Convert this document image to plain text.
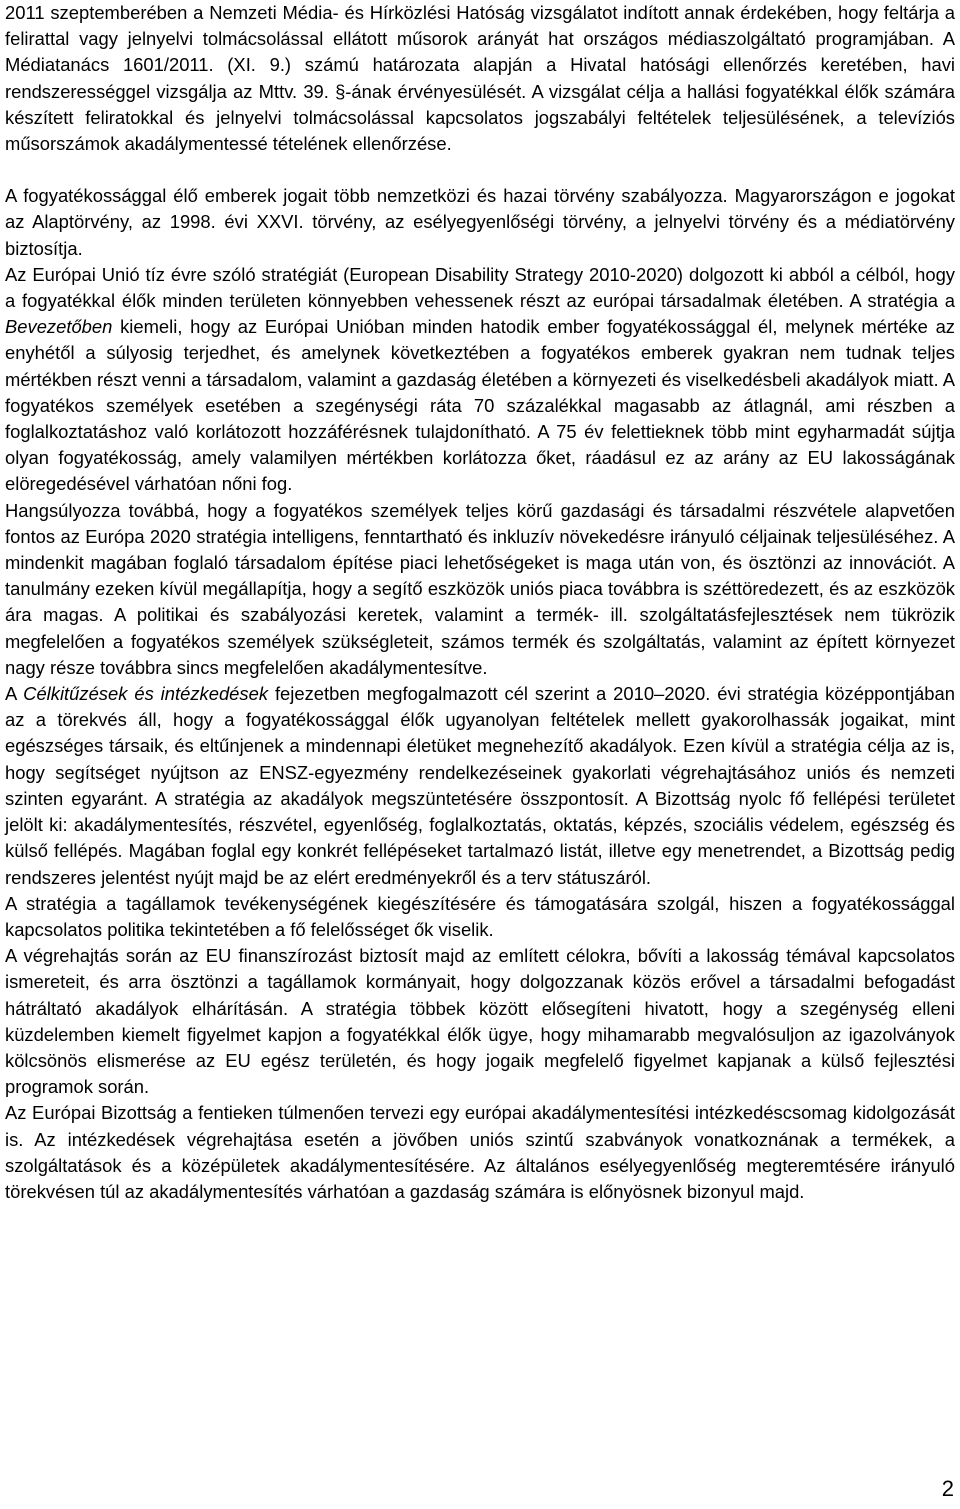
2011 szeptemberében a Nemzeti Média- és Hírközlési Hatóság vizsgálatot indított annak érdekében, hogy feltárja a felirattal vagy jelnyelvi tolmácsolással ellátott műsorok arányát hat országos médiaszolgáltató programjában. A Médiatanács 1601/2011. (XI. 9.) számú határozata alapján a Hivatal hatósági ellenőrzés keretében, havi rendszerességgel vizsgálja az Mttv. 39. §-ának érvényesülését. A vizsgálat célja a hallási fogyatékkal élők számára készített feliratokkal és jelnyelvi tolmácsolással kapcsolatos jogszabályi feltételek teljesülésének, a televíziós műsorszámok akadálymentessé tételének ellenőrzése.

A fogyatékossággal élő emberek jogait több nemzetközi és hazai törvény szabályozza. Magyarországon e jogokat az Alaptörvény, az 1998. évi XXVI. törvény, az esélyegyenlőségi törvény, a jelnyelvi törvény és a médiatörvény biztosítja.

Az Európai Unió tíz évre szóló stratégiát (European Disability Strategy 2010-2020) dolgozott ki abból a célból, hogy a fogyatékkal élők minden területen könnyebben vehessenek részt az európai társadalmak életében. A stratégia a Bevezetőben kiemeli, hogy az Európai Unióban minden hatodik ember fogyatékossággal él, melynek mértéke az enyhétől a súlyosig terjedhet, és amelynek következtében a fogyatékos emberek gyakran nem tudnak teljes mértékben részt venni a társadalom, valamint a gazdaság életében a környezeti és viselkedésbeli akadályok miatt. A fogyatékos személyek esetében a szegénységi ráta 70 százalékkal magasabb az átlagnál, ami részben a foglalkoztatáshoz való korlátozott hozzáférésnek tulajdonítható. A 75 év felettieknek több mint egyharmadát sújtja olyan fogyatékosság, amely valamilyen mértékben korlátozza őket, ráadásul ez az arány az EU lakosságának elöregedésével várhatóan nőni fog.

Hangsúlyozza továbbá, hogy a fogyatékos személyek teljes körű gazdasági és társadalmi részvétele alapvetően fontos az Európa 2020 stratégia intelligens, fenntartható és inkluzív növekedésre irányuló céljainak teljesüléséhez. A mindenkit magában foglaló társadalom építése piaci lehetőségeket is maga után von, és ösztönzi az innovációt. A tanulmány ezeken kívül megállapítja, hogy a segítő eszközök uniós piaca továbbra is széttöredezett, és az eszközök ára magas. A politikai és szabályozási keretek, valamint a termék- ill. szolgáltatásfejlesztések nem tükrözik megfelelően a fogyatékos személyek szükségleteit, számos termék és szolgáltatás, valamint az épített környezet nagy része továbbra sincs megfelelően akadálymentesítve.

A Célkitűzések és intézkedések fejezetben megfogalmazott cél szerint a 2010–2020. évi stratégia középpontjában az a törekvés áll, hogy a fogyatékossággal élők ugyanolyan feltételek mellett gyakorolhassák jogaikat, mint egészséges társaik, és eltűnjenek a mindennapi életüket megnehezítő akadályok. Ezen kívül a stratégia célja az is, hogy segítséget nyújtson az ENSZ-egyezmény rendelkezéseinek gyakorlati végrehajtásához uniós és nemzeti szinten egyaránt. A stratégia az akadályok megszüntetésére összpontosít. A Bizottság nyolc fő fellépési területet jelölt ki: akadálymentesítés, részvétel, egyenlőség, foglalkoztatás, oktatás, képzés, szociális védelem, egészség és külső fellépés. Magában foglal egy konkrét fellépéseket tartalmazó listát, illetve egy menetrendet, a Bizottság pedig rendszeres jelentést nyújt majd be az elért eredményekről és a terv státuszáról.

A stratégia a tagállamok tevékenységének kiegészítésére és támogatására szolgál, hiszen a fogyatékossággal kapcsolatos politika tekintetében a fő felelősséget ők viselik.

A végrehajtás során az EU finanszírozást biztosít majd az említett célokra, bővíti a lakosság témával kapcsolatos ismereteit, és arra ösztönzi a tagállamok kormányait, hogy dolgozzanak közös erővel a társadalmi befogadást hátráltató akadályok elhárításán. A stratégia többek között elősegíteni hivatott, hogy a szegénység elleni küzdelemben kiemelt figyelmet kapjon a fogyatékkal élők ügye, hogy mihamarabb megvalósuljon az igazolványok kölcsönös elismerése az EU egész területén, és hogy jogaik megfelelő figyelmet kapjanak a külső fejlesztési programok során.

Az Európai Bizottság a fentieken túlmenően tervezi egy európai akadálymentesítési intézkedéscsomag kidolgozását is. Az intézkedések végrehajtása esetén a jövőben uniós szintű szabványok vonatkoznának a termékek, a szolgáltatások és a középületek akadálymentesítésére. Az általános esélyegyenlőség megteremtésére irányuló törekvésen túl az akadálymentesítés várhatóan a gazdaság számára is előnyösnek bizonyul majd.

2
